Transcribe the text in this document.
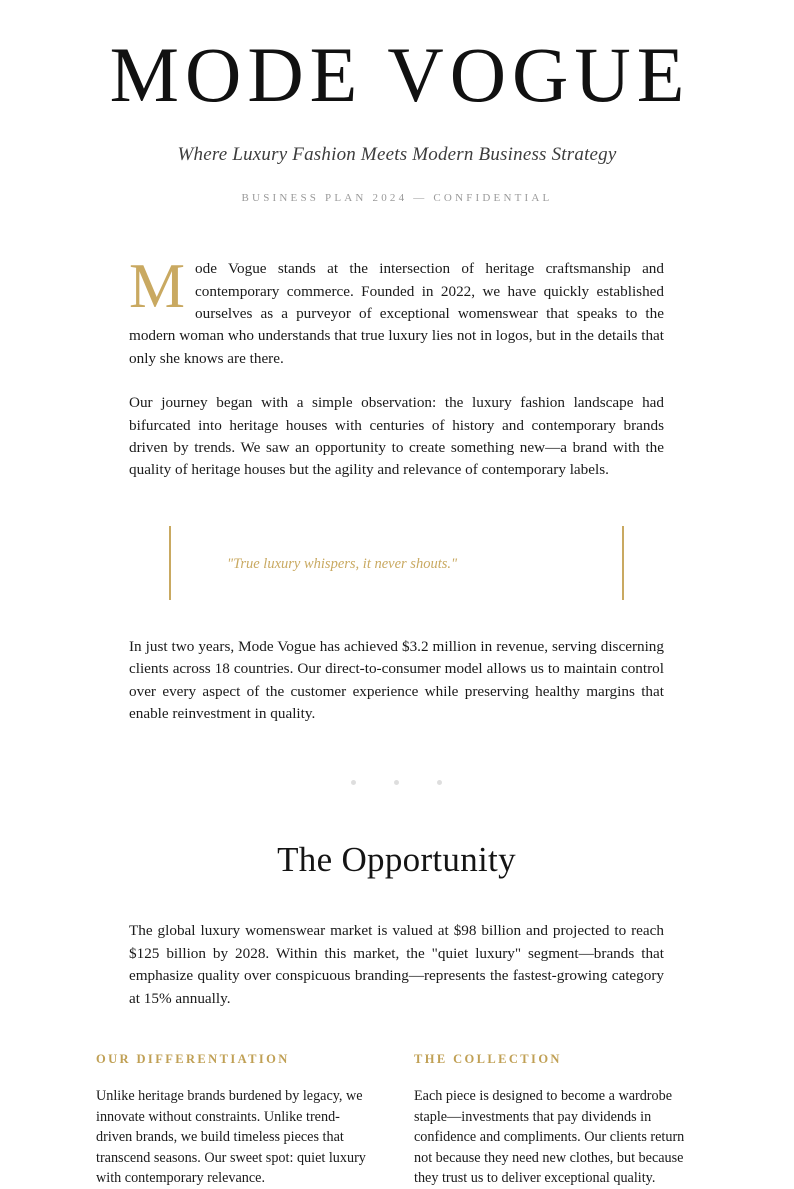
MODE VOGUE

Where Luxury Fashion Meets Modern Business Strategy

BUSINESS PLAN 2024 — CONFIDENTIAL

Mode Vogue stands at the intersection of heritage craftsmanship and contemporary commerce. Founded in 2022, we have quickly established ourselves as a purveyor of exceptional womenswear that speaks to the modern woman who understands that true luxury lies not in logos, but in the details that only she knows are there.

Our journey began with a simple observation: the luxury fashion landscape had bifurcated into heritage houses with centuries of history and contemporary brands driven by trends. We saw an opportunity to create something new—a brand with the quality of heritage houses but the agility and relevance of contemporary labels.

"True luxury whispers, it never shouts."

In just two years, Mode Vogue has achieved $3.2 million in revenue, serving discerning clients across 18 countries. Our direct-to-consumer model allows us to maintain control over every aspect of the customer experience while preserving healthy margins that enable reinvestment in quality.

The Opportunity

The global luxury womenswear market is valued at $98 billion and projected to reach $125 billion by 2028. Within this market, the "quiet luxury" segment—brands that emphasize quality over conspicuous branding—represents the fastest-growing category at 15% annually.

OUR DIFFERENTIATION

Unlike heritage brands burdened by legacy, we innovate without constraints. Unlike trend-driven brands, we build timeless pieces that transcend seasons. Our sweet spot: quiet luxury with contemporary relevance.

THE COLLECTION

Each piece is designed to become a wardrobe staple—investments that pay dividends in confidence and compliments. Our clients return not because they need new clothes, but because they trust us to deliver exceptional quality.
